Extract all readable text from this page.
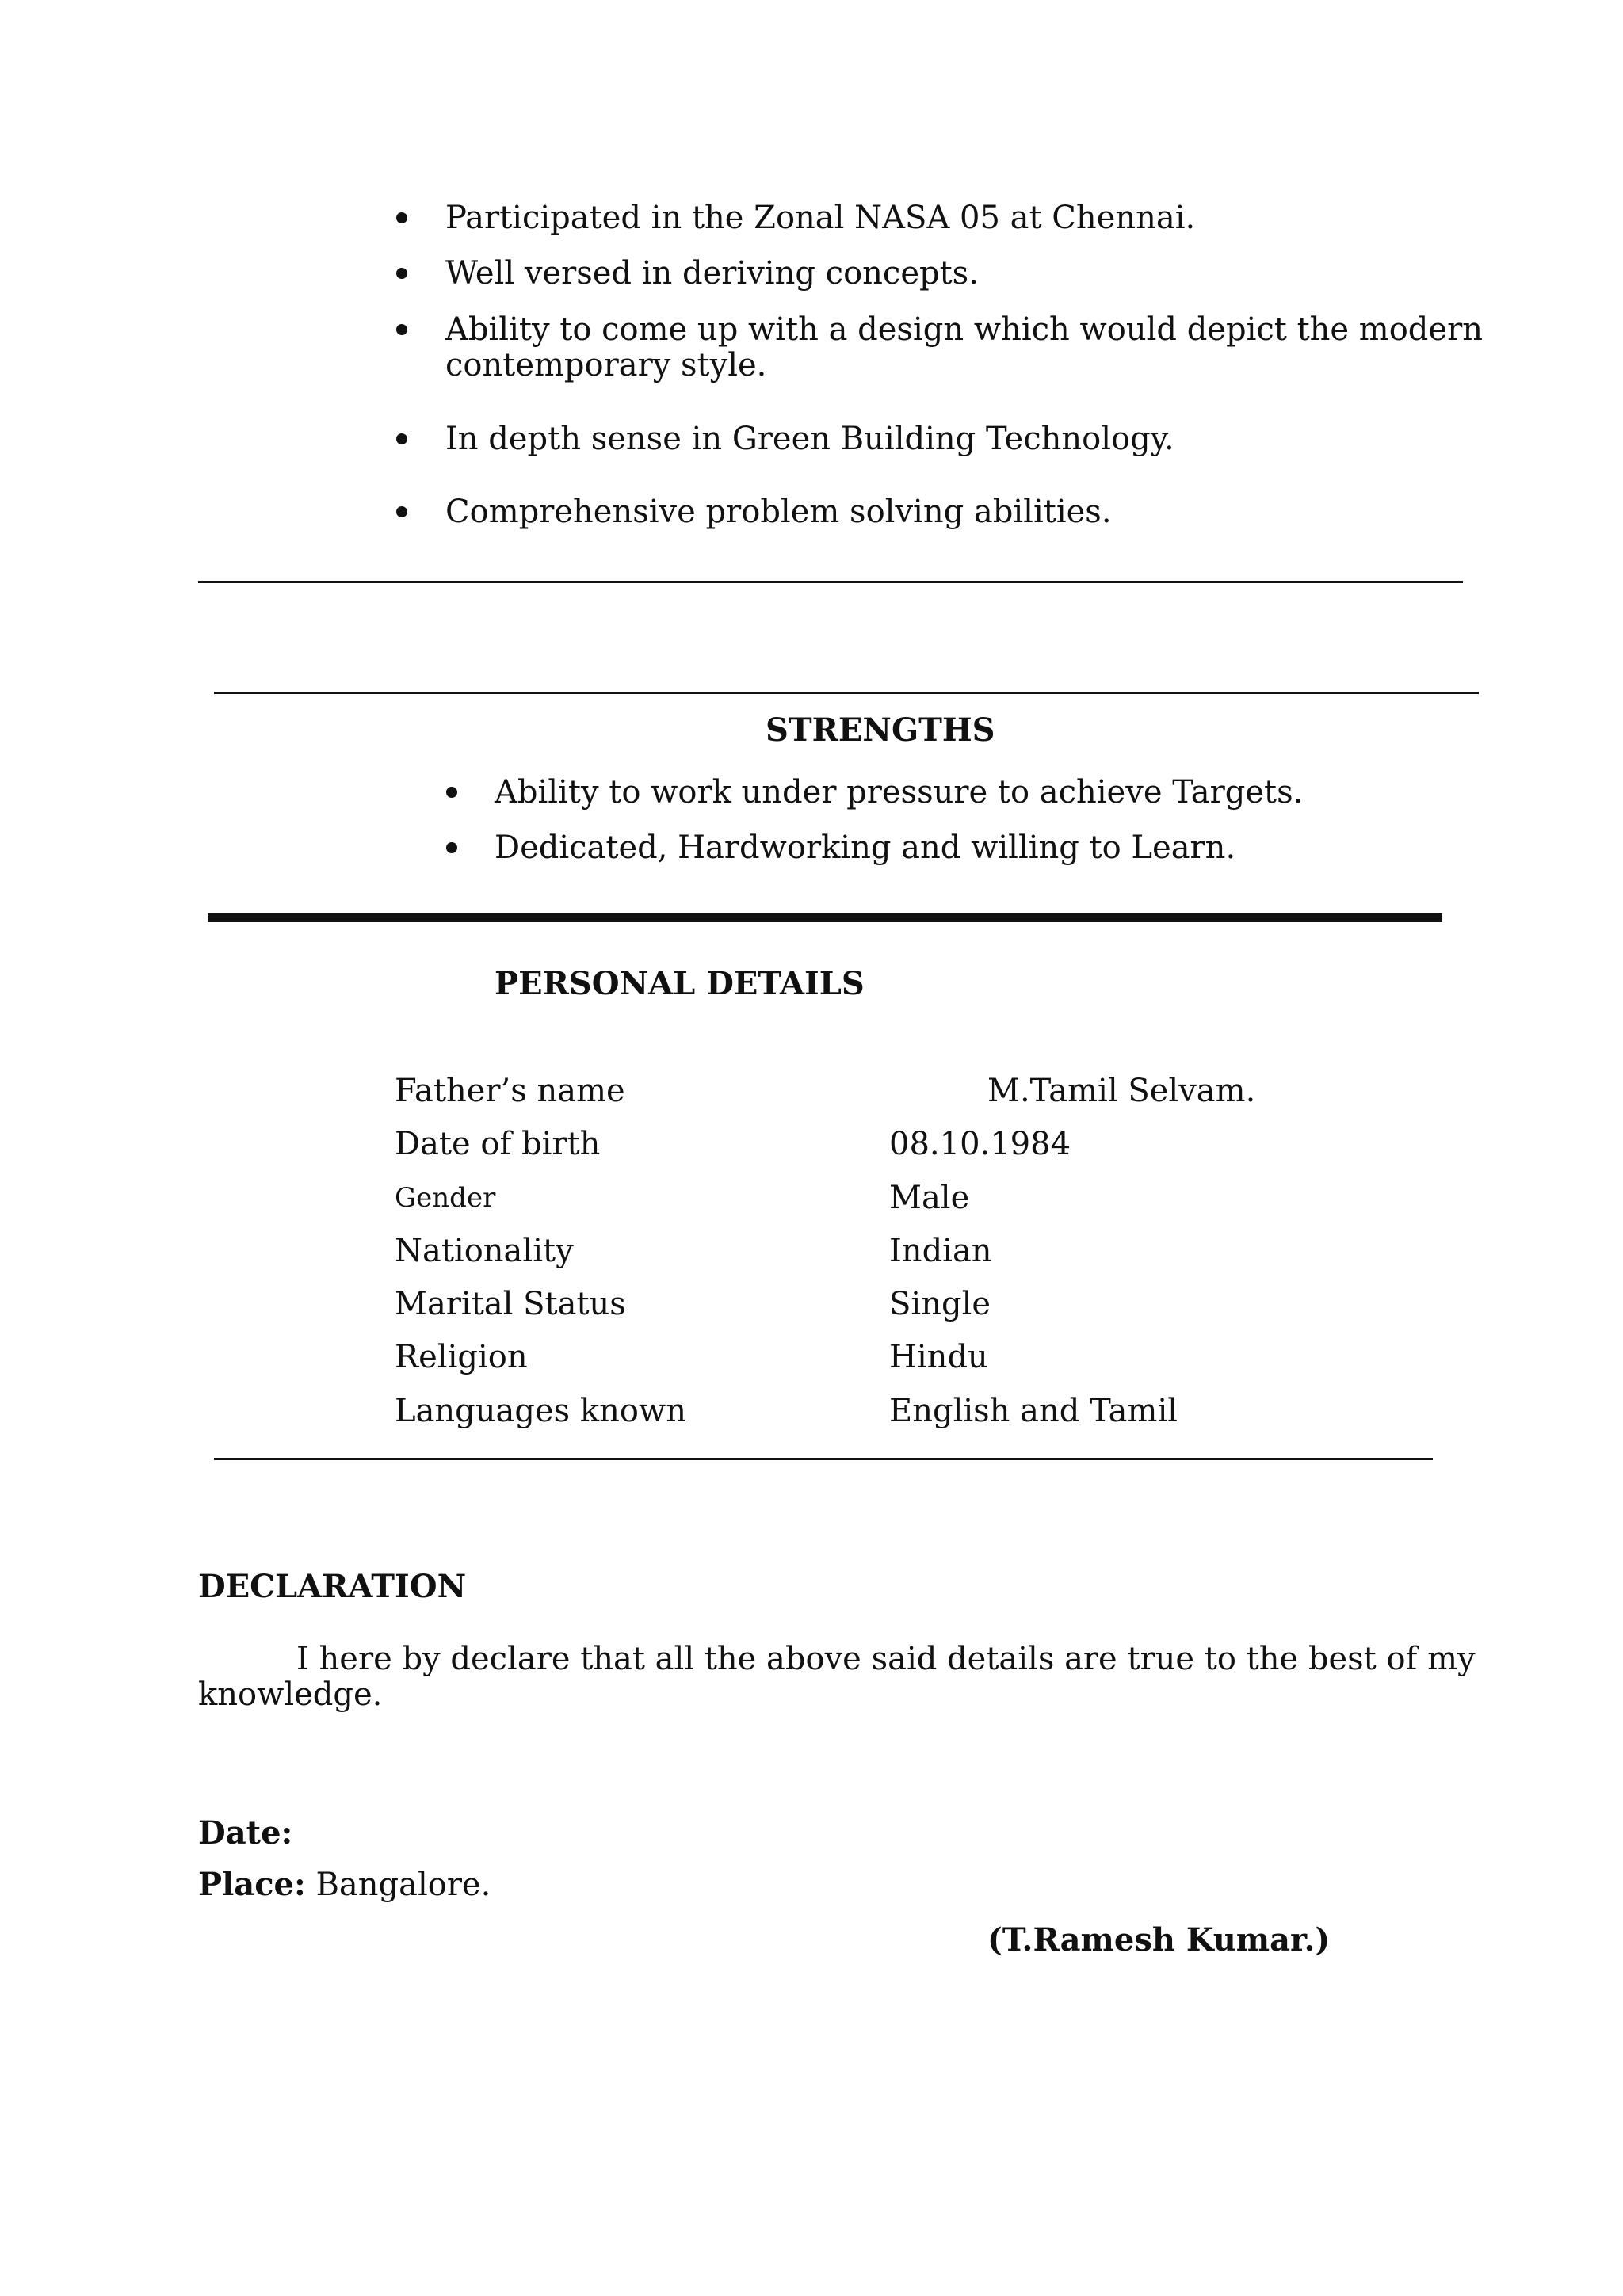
Participated in the Zonal NASA 05 at Chennai.
Well versed in deriving concepts.
Ability to come up with a design which would depict the modern
contemporary style.
In depth sense in Green Building Technology.
Comprehensive problem solving abilities.
STRENGTHS
Ability to work under pressure to achieve Targets.
Dedicated, Hardworking and willing to Learn.
PERSONAL DETAILS
Father’s name	M.Tamil Selvam.
Date of birth	08.10.1984
Gender	Male
Nationality	Indian
Marital Status	Single
Religion	Hindu
Languages known	English and Tamil
DECLARATION
I here by declare that all the above said details are true to the best of my
knowledge.
Date:
Place: Bangalore.
(T.Ramesh Kumar.)
